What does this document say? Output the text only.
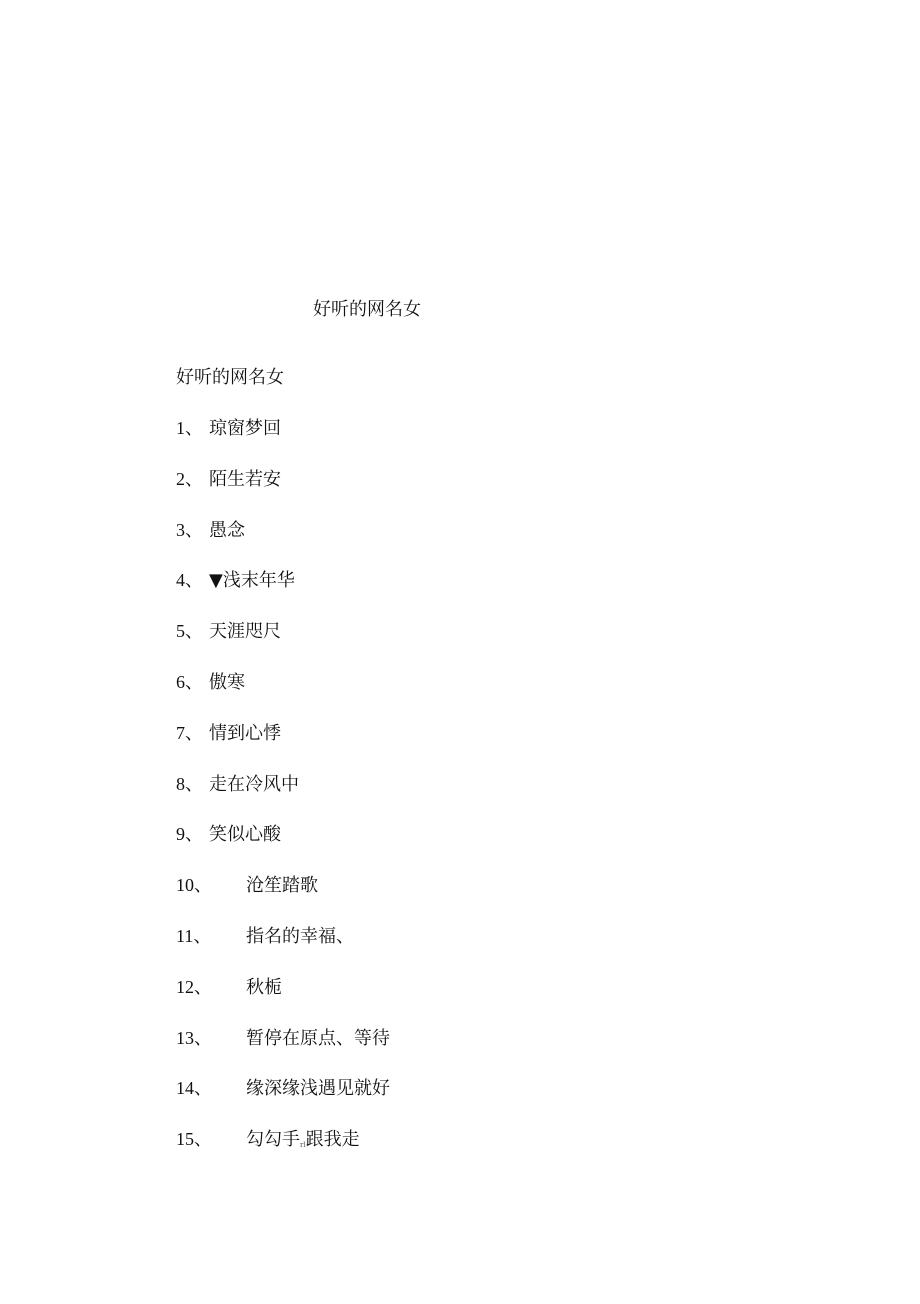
好听的网名女
好听的网名女
1、 琼窗梦回
2、 陌生若安
3、 愚念
4、 ▼浅末年华
5、 天涯咫尺
6、 傲寒
7、 情到心悸
8、 走在冷风中
9、 笑似心酸
10、 沧笙踏歌
11、 指名的幸福、
12、 秋栀
13、 暂停在原点、等待
14、 缘深缘浅遇见就好
15、 勾勾手rl跟我走
